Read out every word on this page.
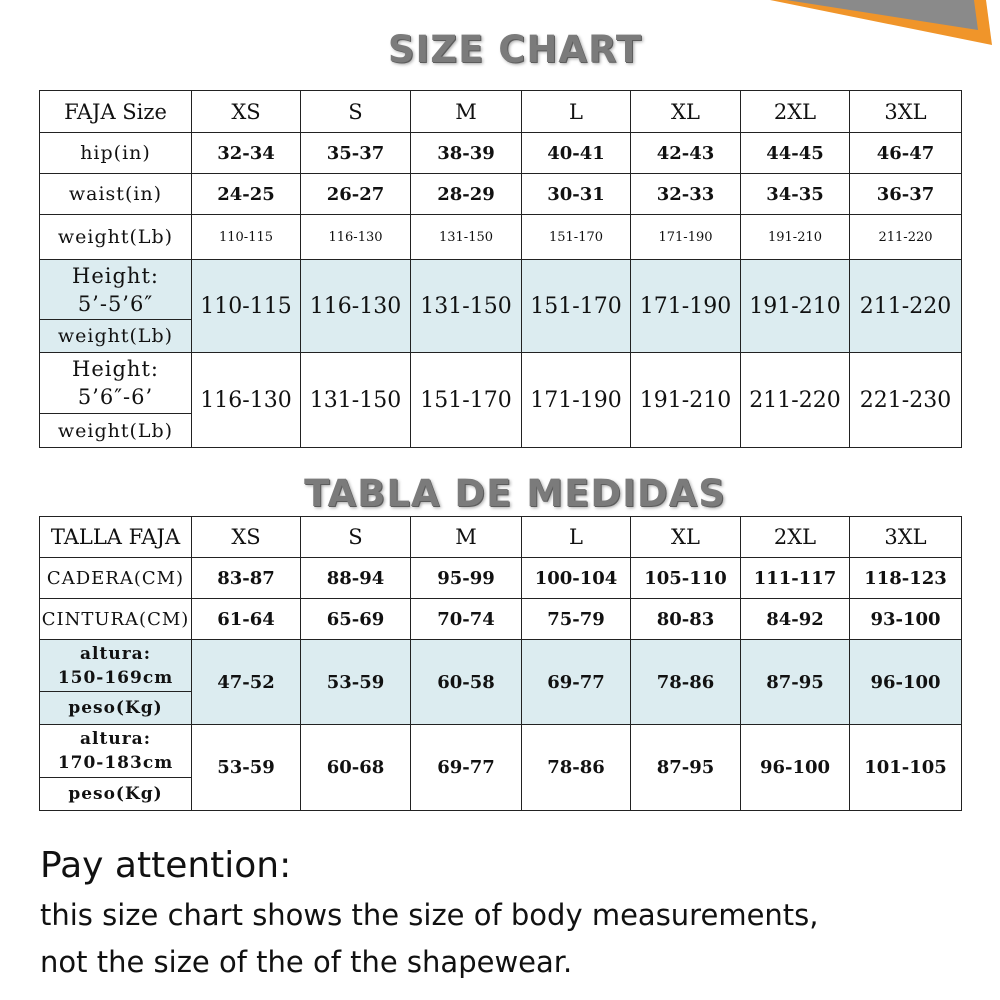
SIZE CHART
FAJA Size	XS	S	M	L	XL	2XL	3XL
hip(in)	32-34	35-37	38-39	40-41	42-43	44-45	46-47
waist(in)	24-25	26-27	28-29	30-31	32-33	34-35	36-37
weight(Lb)	110-115	116-130	131-150	151-170	171-190	191-210	211-220

Height:
5’-5’6″
weight(Lb)	110-115	116-130	131-150	151-170	171-190	191-210	211-220

Height:
5’6″-6’
weight(Lb)	116-130	131-150	151-170	171-190	191-210	211-220	221-230
TABLA DE MEDIDAS
TALLA FAJA	XS	S	M	L	XL	2XL	3XL
CADERA(CM)	83-87	88-94	95-99	100-104	105-110	111-117	118-123
CINTURA(CM)	61-64	65-69	70-74	75-79	80-83	84-92	93-100

altura:
150-169cm
peso(Kg)	47-52	53-59	60-58	69-77	78-86	87-95	96-100

altura:
170-183cm
peso(Kg)	53-59	60-68	69-77	78-86	87-95	96-100	101-105
Pay attention:
this size chart shows the size of body measurements,
not the size of the of the shapewear.
